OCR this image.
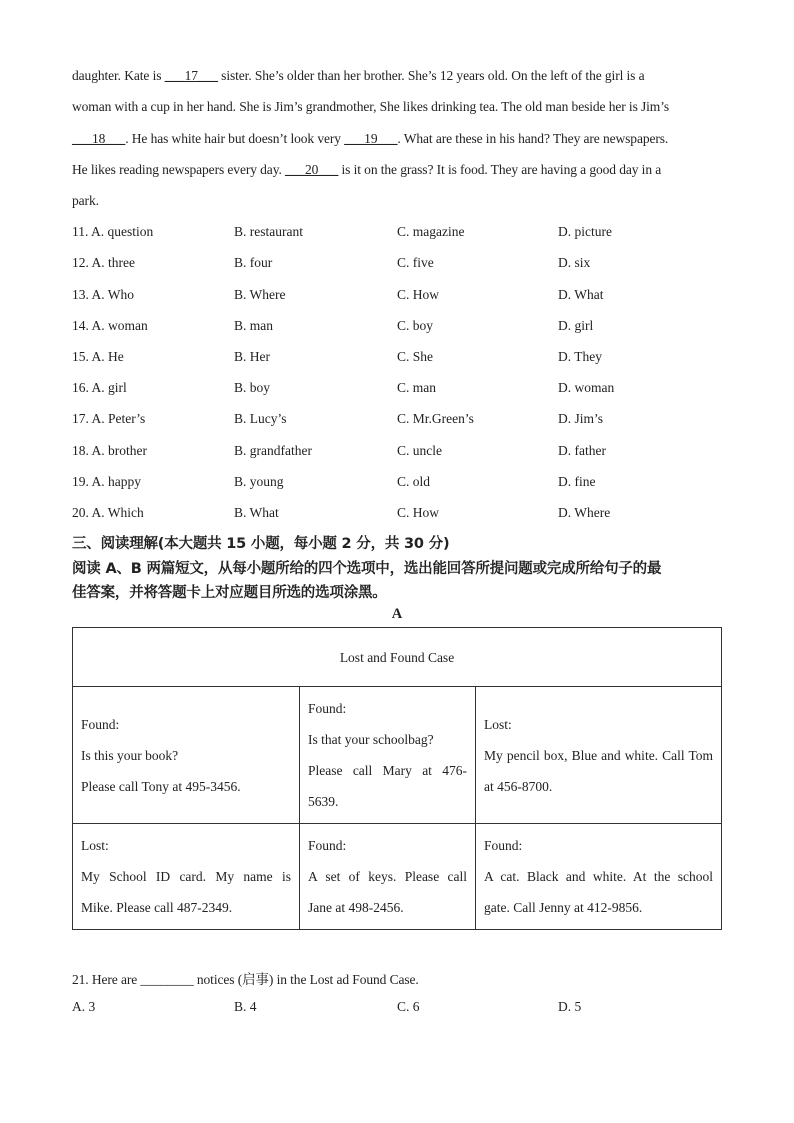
daughter. Kate is ___17___ sister. She’s older than her brother. She’s 12 years old. On the left of the girl is a
woman with a cup in her hand. She is Jim’s grandmother, She likes drinking tea. The old man beside her is Jim’s
___18___. He has white hair but doesn’t look very ___19___. What are these in his hand? They are newspapers.
He likes reading newspapers every day. ___20___ is it on the grass? It is food. They are having a good day in a
park.
11. A. question	B. restaurant	C. magazine	D. picture
12. A. three	B. four	C. five	D. six
13. A. Who	B. Where	C. How	D. What
14. A. woman	B. man	C. boy	D. girl
15. A. He	B. Her	C. She	D. They
16. A. girl	B. boy	C. man	D. woman
17. A. Peter’s	B. Lucy’s	C. Mr.Green’s	D. Jim’s
18. A. brother	B. grandfather	C. uncle	D. father
19. A. happy	B. young	C. old	D. fine
20. A. Which	B. What	C. How	D. Where
三、阅读理解(本大题共 15 小题，每小题 2 分，共 30 分)
阅读 A、B 两篇短文，从每小题所给的四个选项中，选出能回答所提问题或完成所给句子的最
佳答案，并将答题卡上对应题目所选的选项涂黑。
A
Lost and Found Case		

Found:
Is this your book?
Please call Tony at 495-3456.	Found:
Is that your schoolbag?
Please call Mary at 476-
5639.	Lost:
My pencil box, Blue and white. Call Tom
at 456-8700.

Lost:
My School ID card. My name is
Mike. Please call 487-2349.	Found:
A set of keys. Please call
Jane at 498-2456.	Found:
A cat. Black and white. At the school
gate. Call Jenny at 412-9856.
21. Here are ________ notices (启事) in the Lost ad Found Case.
A. 3	B. 4	C. 6	D. 5
